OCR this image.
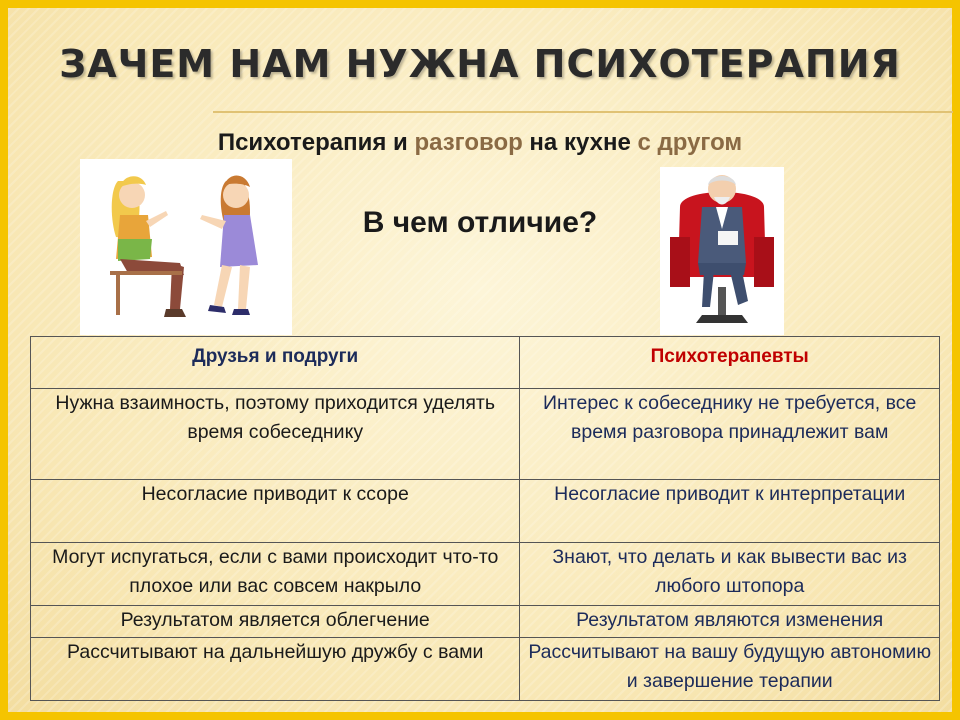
ЗАЧЕМ НАМ НУЖНА ПСИХОТЕРАПИЯ
Психотерапия и разговор на кухне с другом
В чем отличие?
Друзья и подруги	Психотерапевты
Нужна взаимность, поэтому приходится уделять время собеседнику	Интерес к собеседнику не требуется, все время разговора принадлежит вам
Несогласие приводит к ссоре	Несогласие приводит к интерпретации
Могут испугаться, если с вами происходит что-то плохое или вас совсем накрыло	Знают, что делать и как вывести вас из любого штопора
Результатом является облегчение	Результатом являются изменения
Рассчитывают на дальнейшую дружбу с вами	Рассчитывают на вашу будущую автономию и завершение терапии
